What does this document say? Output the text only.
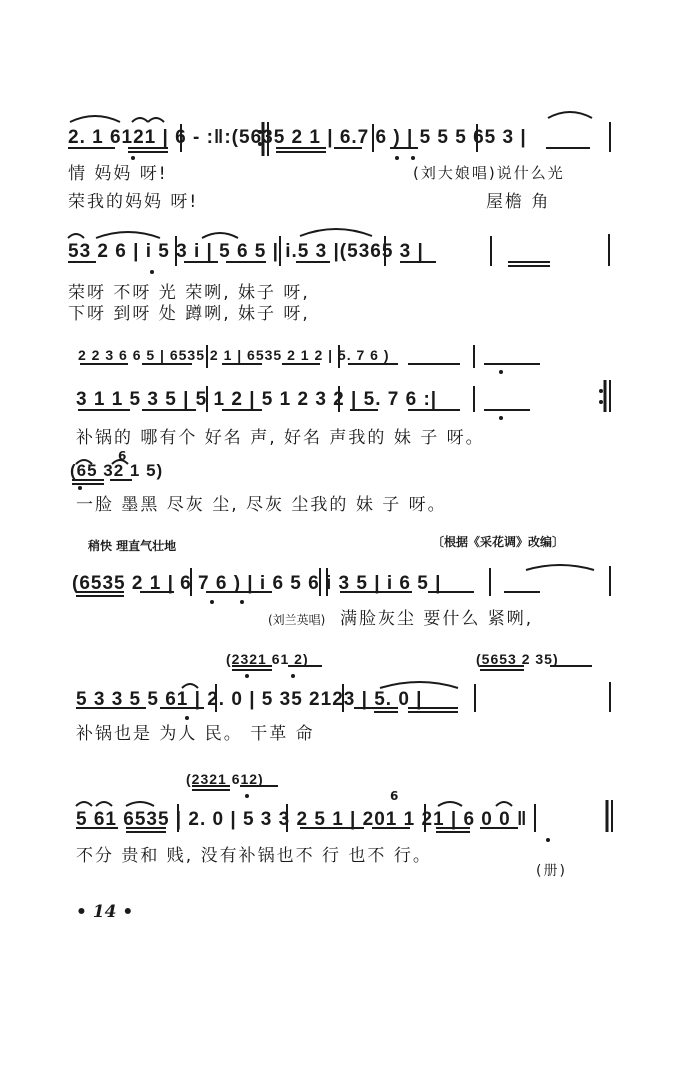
2. 1 6121 | 6 - :‖:(5635 2 1 | 6.7 6 ) | 5 5 5 65 3 |
情 妈妈 呀!	(刘大娘唱)说什么光
荣我的妈妈 呀!	屋檐 角
53 2 6 | i 5 3 i | 5 6 5 | i.5 3 |(5365 3 |
荣呀 不呀 光 荣咧, 妹子 呀,
下呀 到呀 处 蹲咧, 妹子 呀,
2 2 3 6 6 5 | 6535 2 1 | 6535 2 1 2 | 5. 7 6 )
3 1 1 5 3 5 | 5 1 2 | 5 1 2 3 2 | 5. 7 6 :|
补锅的 哪有个 好名 声, 好名 声我的 妹 子 呀。
6
(65 32 1 5)
一脸 墨黑 尽灰 尘, 尽灰 尘我的 妹 子 呀。
稍快 理直气壮地	〔根据《采花调》改编〕
(6535 2 1 | 6 7 6 ) | i 6 5 6 i 3 5 | i 6 5 |
(刘兰英唱) 满脸灰尘 要什么 紧咧,
(2321 61 2)	(5653 2 35)
5 3 3 5 5 61 | 2. 0 | 5 35 2123 | 5. 0 |
补锅也是 为人 民。 干革 命
(2321 612)
6
5 61 6535 | 2. 0 | 5 3 3 2 5 1 | 201 1 21 | 6 0 0 ‖
不分 贵和 贱, 没有补锅也不 行 也不 行。
(册)
• 14 •
